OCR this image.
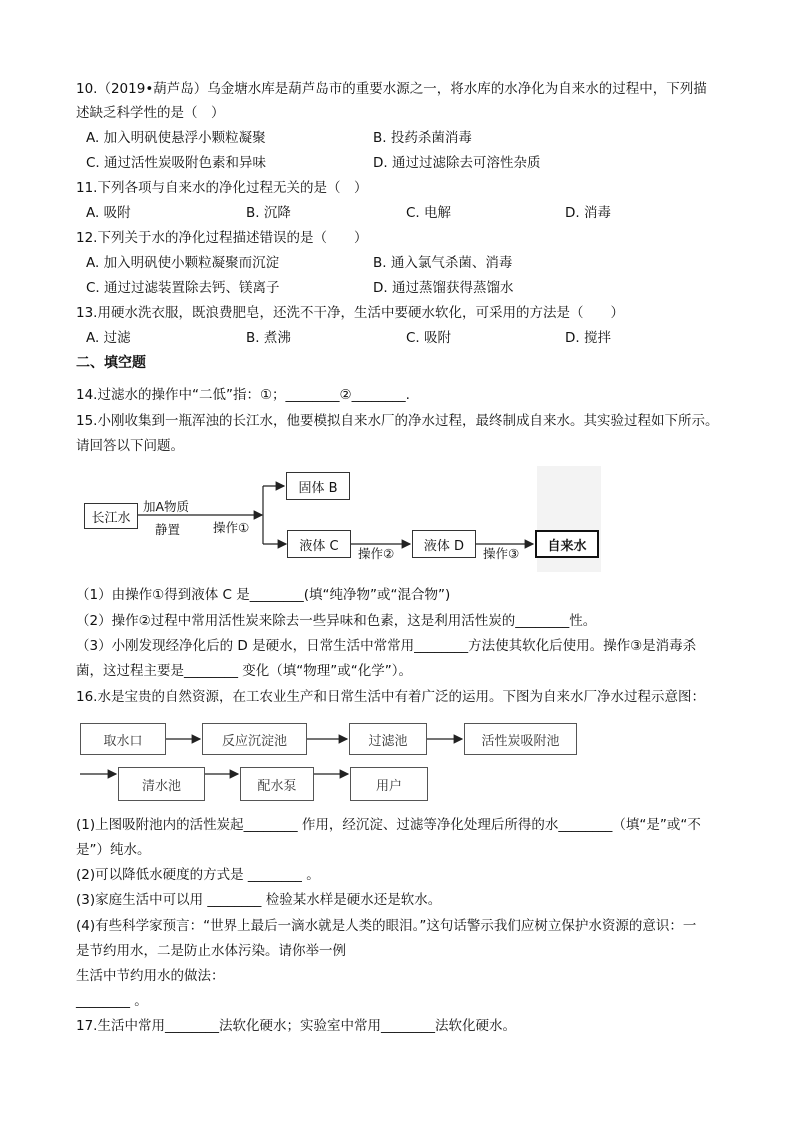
10.（2019•葫芦岛）乌金塘水库是葫芦岛市的重要水源之一，将水库的水净化为自来水的过程中，下列描
述缺乏科学性的是（　）
A. 加入明矾使悬浮小颗粒凝聚	B. 投药杀菌消毒
C. 通过活性炭吸附色素和异味	D. 通过过滤除去可溶性杂质
11.下列各项与自来水的净化过程无关的是（　）
A. 吸附	B. 沉降	C. 电解	D. 消毒
12.下列关于水的净化过程描述错误的是（　　）
A. 加入明矾使小颗粒凝聚而沉淀	B. 通入氯气杀菌、消毒
C. 通过过滤装置除去钙、镁离子	D. 通过蒸馏获得蒸馏水
13.用硬水洗衣服，既浪费肥皂，还洗不干净，生活中要硬水软化，可采用的方法是（　　）
A. 过滤	B. 煮沸	C. 吸附	D. 搅拌
二、填空题
14.过滤水的操作中“二低”指：①；________②________.
15.小刚收集到一瓶浑浊的长江水，他要模拟自来水厂的净水过程，最终制成自来水。其实验过程如下所示。
请回答以下问题。
长江水
加A物质
静置	操作①
固体 B
液体 C	操作②	液体 D	操作③	自来水
（1）由操作①得到液体 C 是________(填“纯净物”或“混合物”)
（2）操作②过程中常用活性炭来除去一些异味和色素，这是利用活性炭的________性。
（3）小刚发现经净化后的 D 是硬水，日常生活中常常用________方法使其软化后使用。操作③是消毒杀
菌，这过程主要是________ 变化（填“物理”或“化学”）。
16.水是宝贵的自然资源，在工农业生产和日常生活中有着广泛的运用。下图为自来水厂净水过程示意图：
取水口	反应沉淀池	过滤池	活性炭吸附池
清水池	配水泵	用户
(1)上图吸附池内的活性炭起________ 作用，经沉淀、过滤等净化处理后所得的水________（填“是”或“不
是”）纯水。
(2)可以降低水硬度的方式是 ________ 。
(3)家庭生活中可以用 ________ 检验某水样是硬水还是软水。
(4)有些科学家预言：“世界上最后一滴水就是人类的眼泪。”这句话警示我们应树立保护水资源的意识：一
是节约用水，二是防止水体污染。请你举一例
生活中节约用水的做法：
________ 。
17.生活中常用________法软化硬水；实验室中常用________法软化硬水。
